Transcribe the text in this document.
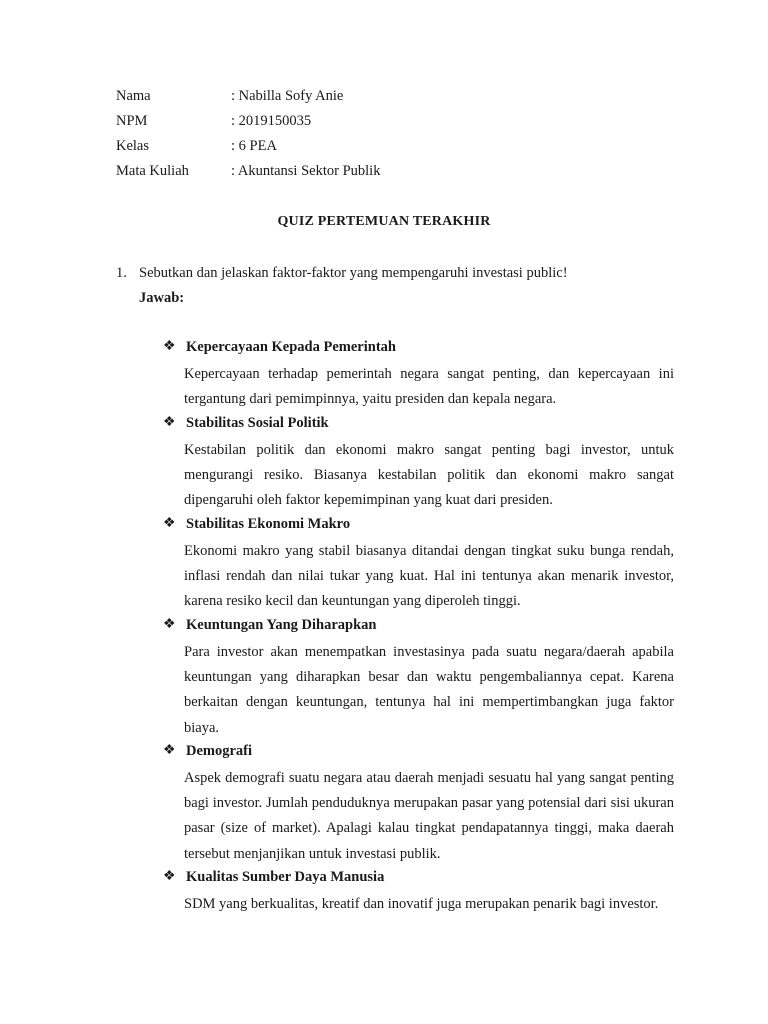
Nama	: Nabilla Sofy Anie
NPM	: 2019150035
Kelas	: 6 PEA
Mata Kuliah	: Akuntansi Sektor Publik
QUIZ PERTEMUAN TERAKHIR
1. Sebutkan dan jelaskan faktor-faktor yang mempengaruhi investasi public!
Jawab:
❖ Kepercayaan Kepada Pemerintah
Kepercayaan terhadap pemerintah negara sangat penting, dan kepercayaan ini tergantung dari pemimpinnya, yaitu presiden dan kepala negara.
❖ Stabilitas Sosial Politik
Kestabilan politik dan ekonomi makro sangat penting bagi investor, untuk mengurangi resiko. Biasanya kestabilan politik dan ekonomi makro sangat dipengaruhi oleh faktor kepemimpinan yang kuat dari presiden.
❖ Stabilitas Ekonomi Makro
Ekonomi makro yang stabil biasanya ditandai dengan tingkat suku bunga rendah, inflasi rendah dan nilai tukar yang kuat. Hal ini tentunya akan menarik investor, karena resiko kecil dan keuntungan yang diperoleh tinggi.
❖ Keuntungan Yang Diharapkan
Para investor akan menempatkan investasinya pada suatu negara/daerah apabila keuntungan yang diharapkan besar dan waktu pengembaliannya cepat. Karena berkaitan dengan keuntungan, tentunya hal ini mempertimbangkan juga faktor biaya.
❖ Demografi
Aspek demografi suatu negara atau daerah menjadi sesuatu hal yang sangat penting bagi investor. Jumlah penduduknya merupakan pasar yang potensial dari sisi ukuran pasar (size of market). Apalagi kalau tingkat pendapatannya tinggi, maka daerah tersebut menjanjikan untuk investasi publik.
❖ Kualitas Sumber Daya Manusia
SDM yang berkualitas, kreatif dan inovatif juga merupakan penarik bagi investor.
